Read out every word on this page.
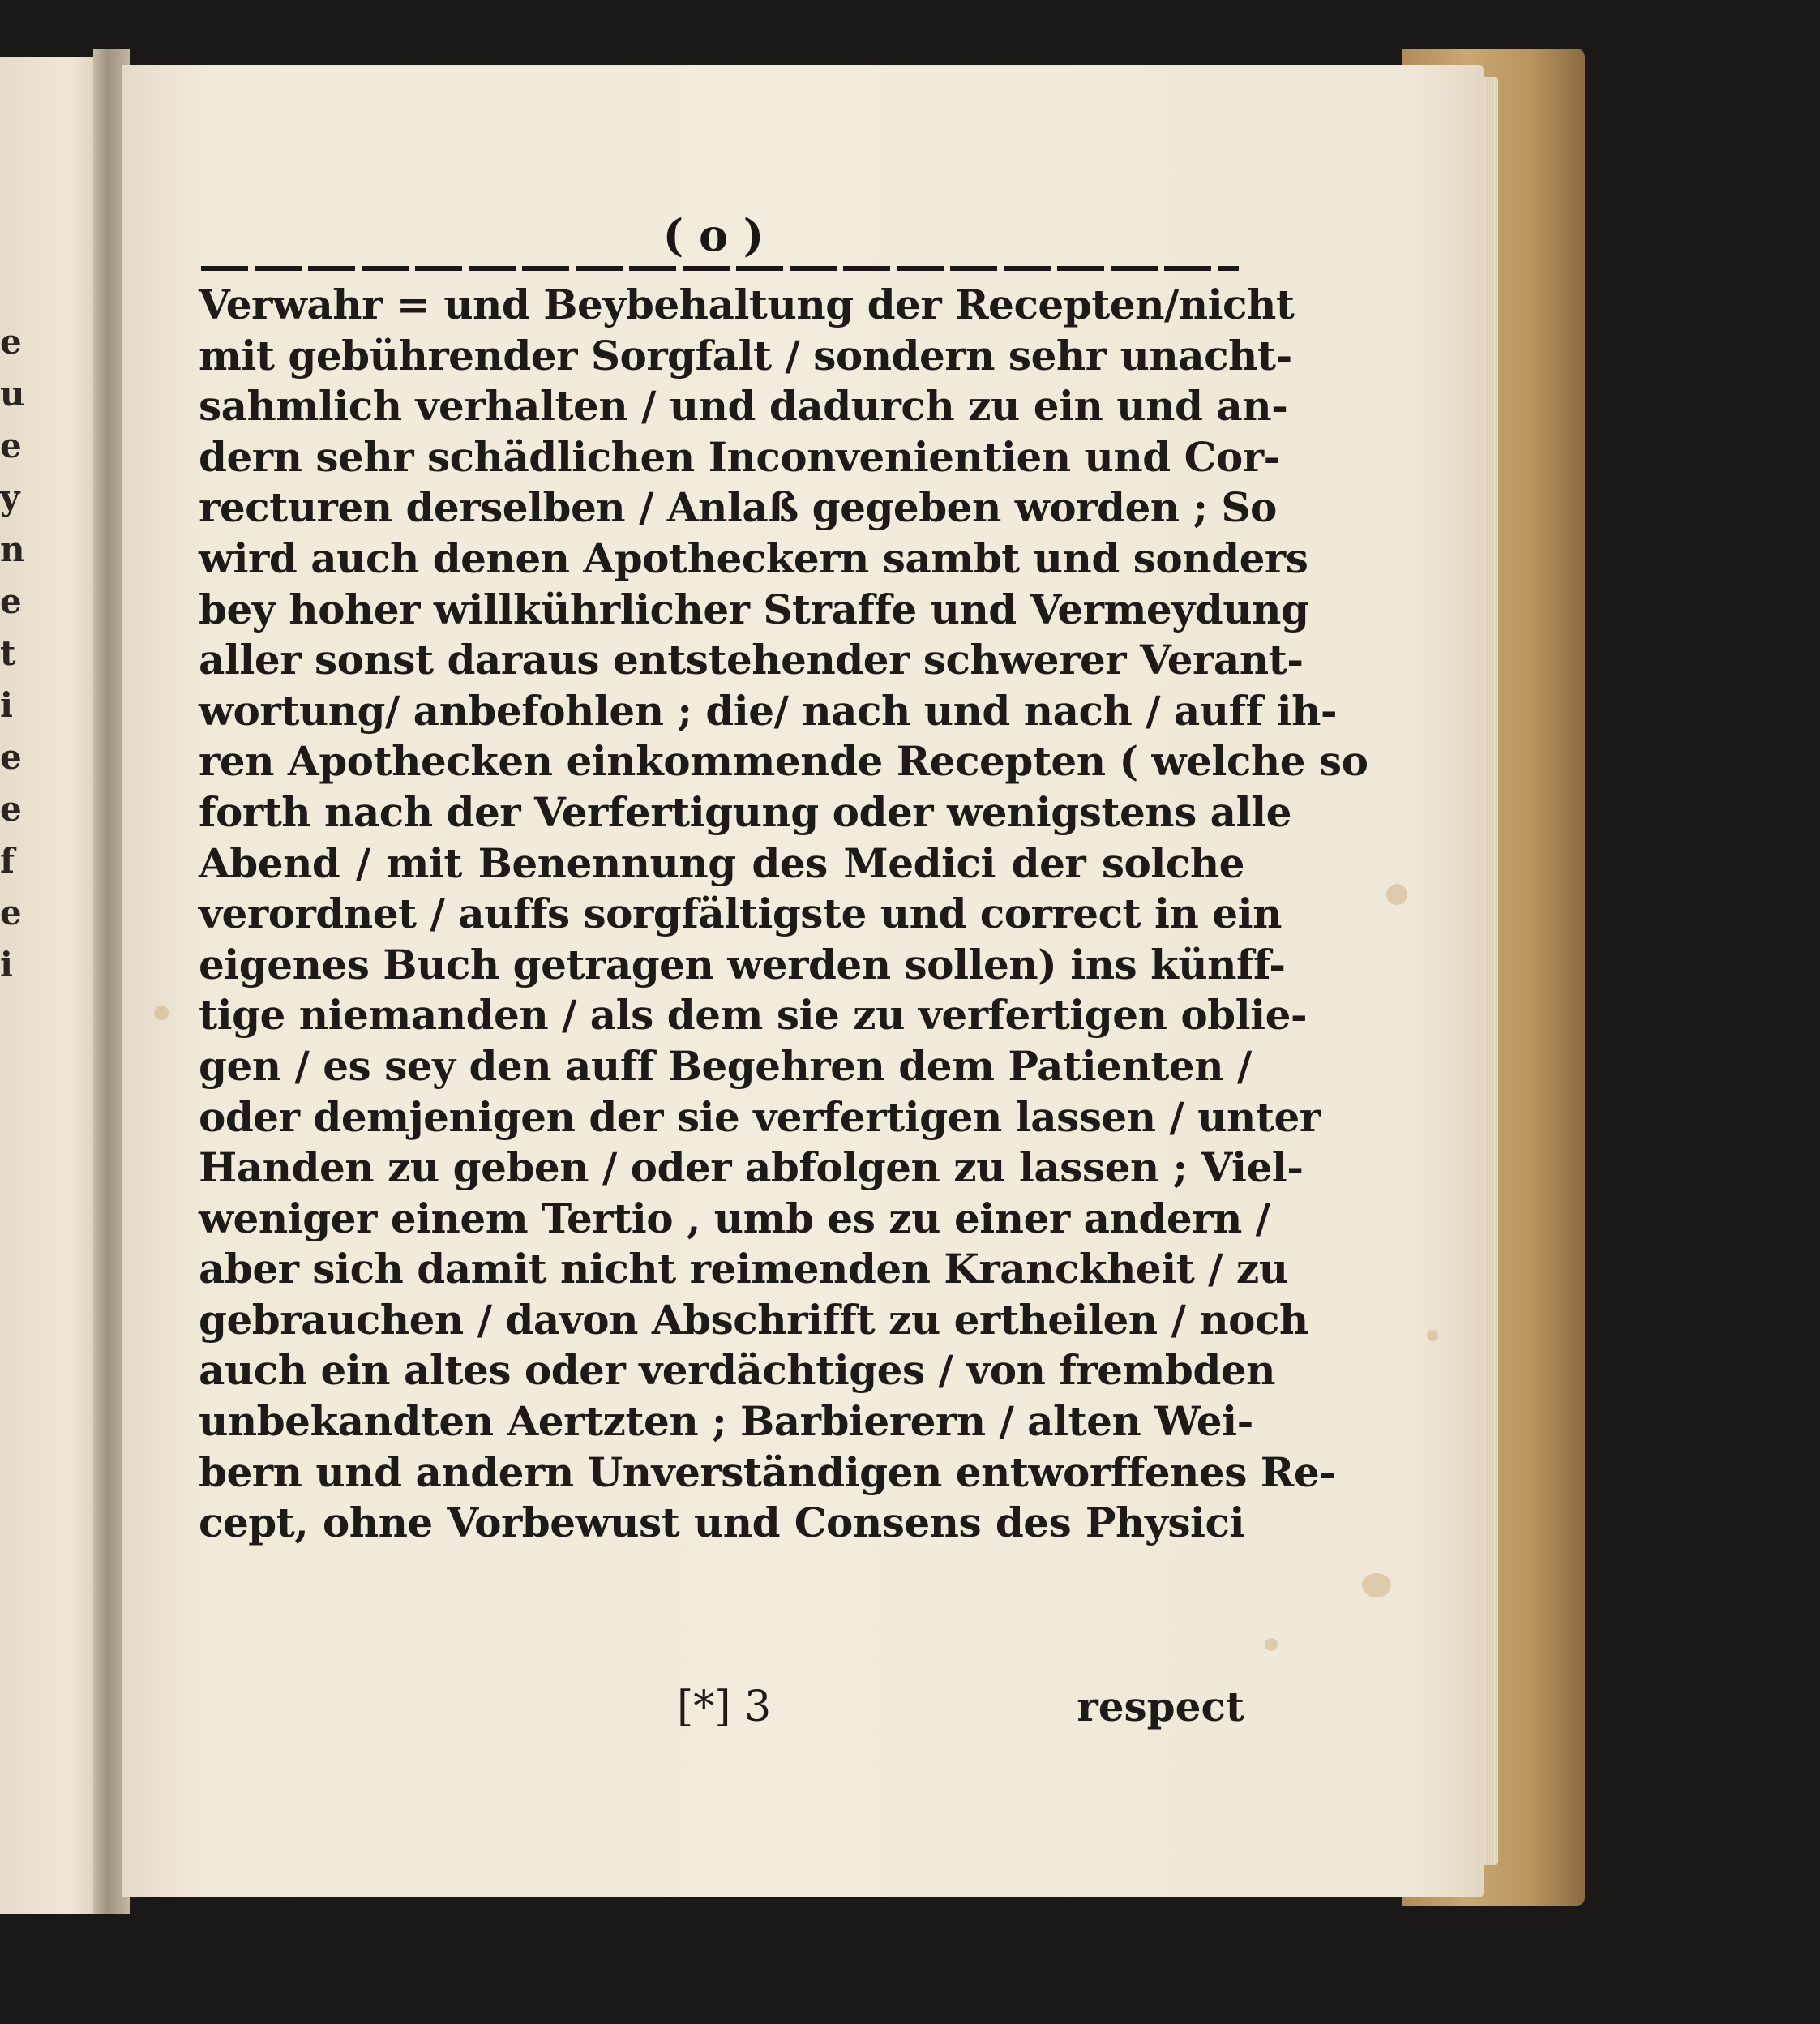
e
u
e
y
n
e
t
i
e
e
f
e
i
( o )
Verwahr = und Beybehaltung der Recepten/nicht
mit gebührender Sorgfalt / sondern sehr unacht-
sahmlich verhalten / und dadurch zu ein und an-
dern sehr schädlichen Inconvenientien und Cor-
recturen derselben / Anlaß gegeben worden ; So
wird auch denen Apotheckern sambt und sonders
bey hoher willkührlicher Straffe und Vermeydung
aller sonst daraus entstehender schwerer Verant-
wortung/ anbefohlen ; die/ nach und nach / auff ih-
ren Apothecken einkommende Recepten ( welche so
forth nach der Verfertigung oder wenigstens alle
Abend / mit Benennung des Medici der solche
verordnet / auffs sorgfältigste und correct in ein
eigenes Buch getragen werden sollen) ins künff-
tige niemanden / als dem sie zu verfertigen oblie-
gen / es sey den auff Begehren dem Patienten /
oder demjenigen der sie verfertigen lassen / unter
Handen zu geben / oder abfolgen zu lassen ; Viel-
weniger einem Tertio , umb es zu einer andern /
aber sich damit nicht reimenden Kranckheit / zu
gebrauchen / davon Abschrifft zu ertheilen / noch
auch ein altes oder verdächtiges / von frembden
unbekandten Aertzten ; Barbierern / alten Wei-
bern und andern Unverständigen entworffenes Re-
cept, ohne Vorbewust und Consens des Physici
[*] 3	respect
